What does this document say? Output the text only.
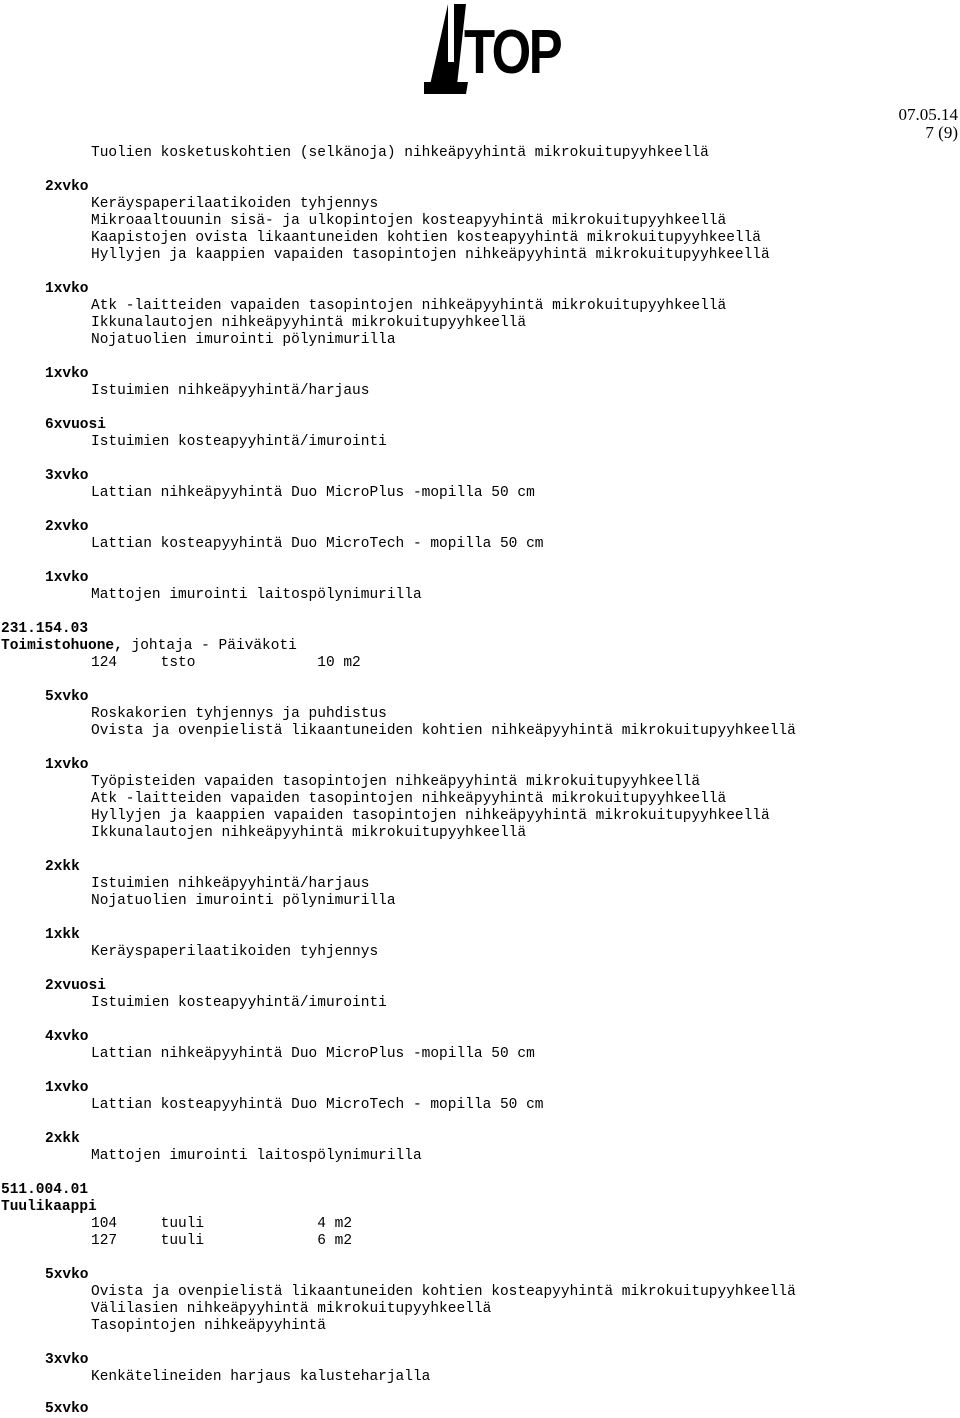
TOP
07.05.14
7 (9)
Tuolien kosketuskohtien (selkänoja) nihkeäpyyhintä mikrokuitupyyhkeellä
2xvko
Keräyspaperilaatikoiden tyhjennys
Mikroaaltouunin sisä- ja ulkopintojen kosteapyyhintä mikrokuitupyyhkeellä
Kaapistojen ovista likaantuneiden kohtien kosteapyyhintä mikrokuitupyyhkeellä
Hyllyjen ja kaappien vapaiden tasopintojen nihkeäpyyhintä mikrokuitupyyhkeellä
1xvko
Atk -laitteiden vapaiden tasopintojen nihkeäpyyhintä mikrokuitupyyhkeellä
Ikkunalautojen nihkeäpyyhintä mikrokuitupyyhkeellä
Nojatuolien imurointi pölynimurilla
1xvko
Istuimien nihkeäpyyhintä/harjaus
6xvuosi
Istuimien kosteapyyhintä/imurointi
3xvko
Lattian nihkeäpyyhintä Duo MicroPlus -mopilla 50 cm
2xvko
Lattian kosteapyyhintä Duo MicroTech - mopilla 50 cm
1xvko
Mattojen imurointi laitospölynimurilla
231.154.03
Toimistohuone, johtaja - Päiväkoti
124     tsto              10 m2
5xvko
Roskakorien tyhjennys ja puhdistus
Ovista ja ovenpielistä likaantuneiden kohtien nihkeäpyyhintä mikrokuitupyyhkeellä
1xvko
Työpisteiden vapaiden tasopintojen nihkeäpyyhintä mikrokuitupyyhkeellä
Atk -laitteiden vapaiden tasopintojen nihkeäpyyhintä mikrokuitupyyhkeellä
Hyllyjen ja kaappien vapaiden tasopintojen nihkeäpyyhintä mikrokuitupyyhkeellä
Ikkunalautojen nihkeäpyyhintä mikrokuitupyyhkeellä
2xkk
Istuimien nihkeäpyyhintä/harjaus
Nojatuolien imurointi pölynimurilla
1xkk
Keräyspaperilaatikoiden tyhjennys
2xvuosi
Istuimien kosteapyyhintä/imurointi
4xvko
Lattian nihkeäpyyhintä Duo MicroPlus -mopilla 50 cm
1xvko
Lattian kosteapyyhintä Duo MicroTech - mopilla 50 cm
2xkk
Mattojen imurointi laitospölynimurilla
511.004.01
Tuulikaappi
104     tuuli             4 m2
127     tuuli             6 m2
5xvko
Ovista ja ovenpielistä likaantuneiden kohtien kosteapyyhintä mikrokuitupyyhkeellä
Välilasien nihkeäpyyhintä mikrokuitupyyhkeellä
Tasopintojen nihkeäpyyhintä
3xvko
Kenkätelineiden harjaus kalusteharjalla
5xvko
